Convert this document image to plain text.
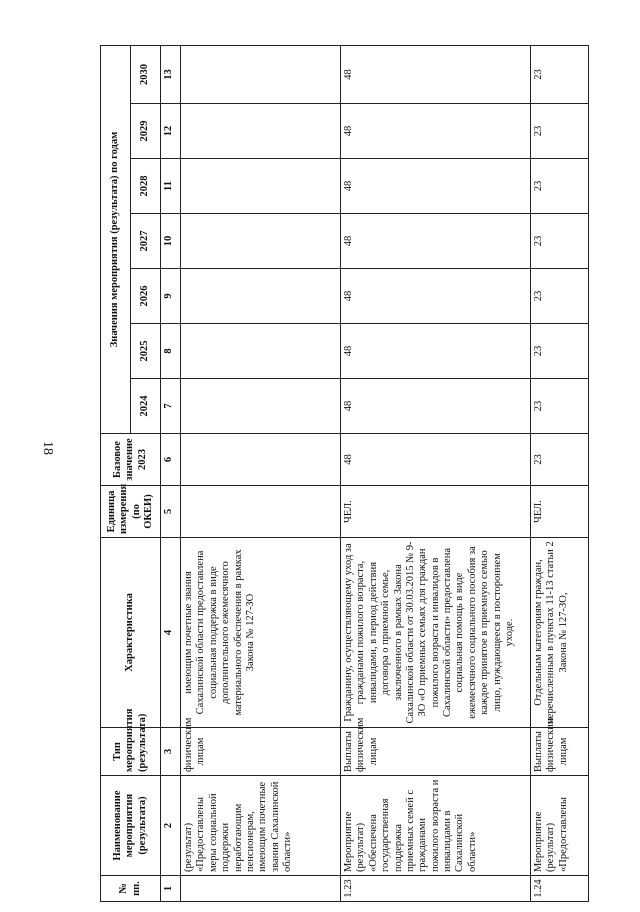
18
№ пп.	Наименование мероприятия (результата)	Тип мероприятия (результата)	Характеристика	Единица измерения (по ОКЕИ)	Базовое значение 2023	Значения мероприятия (результата) по годам						
						2024	2025	2026	2027	2028	2029	2030
1	2	3	4	5	6	7	8	9	10	11	12	13
	(результат) «Предоставлены меры социальной поддержки неработающим пенсионерам, имеющим почетные звания Сахалинской области»	физическим лицам	имеющим почетные звания Сахалинской области предоставлена социальная поддержка в виде дополнительного ежемесячного материального обеспечения в рамках Закона № 127-ЗО									
1.23	Мероприятие (результат) «Обеспечена государственная поддержка приемных семей с гражданами пожилого возраста и инвалидами в Сахалинской области»	Выплаты физическим лицам	Гражданину, осуществляющему уход за гражданами пожилого возраста, инвалидами, в период действия договора о приемной семье, заключенного в рамках Закона Сахалинской области от 30.03.2015 № 9-ЗО «О приемных семьях для граждан пожилого возраста и инвалидов в Сахалинской области» предоставлена социальная помощь в виде ежемесячного социального пособия за каждое принятое в приемную семью лицо, нуждающееся в постороннем уходе.	ЧЕЛ.	48	48	48	48	48	48	48	48
1.24	Мероприятие (результат) «Предоставлены	Выплаты физическим лицам	Отдельным категориям граждан, перечисленным в пунктах 11-13 статьи 2 Закона № 127-ЗО,	ЧЕЛ.	23	23	23	23	23	23	23	23
